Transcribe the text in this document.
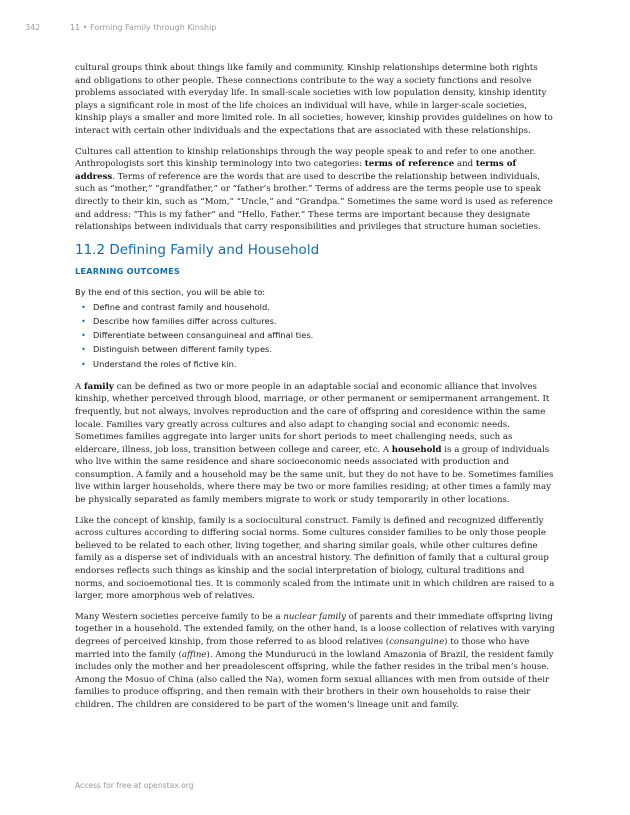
342	11 • Forming Family through Kinship

cultural groups think about things like family and community. Kinship relationships determine both rights and obligations to other people. These connections contribute to the way a society functions and resolve problems associated with everyday life. In small-scale societies with low population density, kinship identity plays a significant role in most of the life choices an individual will have, while in larger-scale societies, kinship plays a smaller and more limited role. In all societies, however, kinship provides guidelines on how to interact with certain other individuals and the expectations that are associated with these relationships.

Cultures call attention to kinship relationships through the way people speak to and refer to one another. Anthropologists sort this kinship terminology into two categories: terms of reference and terms of address. Terms of reference are the words that are used to describe the relationship between individuals, such as “mother,” “grandfather,” or “father’s brother.” Terms of address are the terms people use to speak directly to their kin, such as “Mom,” “Uncle,” and “Grandpa.” Sometimes the same word is used as reference and address: “This is my father” and “Hello, Father.” These terms are important because they designate relationships between individuals that carry responsibilities and privileges that structure human societies.

11.2 Defining Family and Household
LEARNING OUTCOMES
By the end of this section, you will be able to:
• Define and contrast family and household.
• Describe how families differ across cultures.
• Differentiate between consanguineal and affinal ties.
• Distinguish between different family types.
• Understand the roles of fictive kin.

A family can be defined as two or more people in an adaptable social and economic alliance that involves kinship, whether perceived through blood, marriage, or other permanent or semipermanent arrangement. It frequently, but not always, involves reproduction and the care of offspring and coresidence within the same locale. Families vary greatly across cultures and also adapt to changing social and economic needs. Sometimes families aggregate into larger units for short periods to meet challenging needs, such as eldercare, illness, job loss, transition between college and career, etc. A household is a group of individuals who live within the same residence and share socioeconomic needs associated with production and consumption. A family and a household may be the same unit, but they do not have to be. Sometimes families live within larger households, where there may be two or more families residing; at other times a family may be physically separated as family members migrate to work or study temporarily in other locations.

Like the concept of kinship, family is a sociocultural construct. Family is defined and recognized differently across cultures according to differing social norms. Some cultures consider families to be only those people believed to be related to each other, living together, and sharing similar goals, while other cultures define family as a disperse set of individuals with an ancestral history. The definition of family that a cultural group endorses reflects such things as kinship and the social interpretation of biology, cultural traditions and norms, and socioemotional ties. It is commonly scaled from the intimate unit in which children are raised to a larger, more amorphous web of relatives.

Many Western societies perceive family to be a nuclear family of parents and their immediate offspring living together in a household. The extended family, on the other hand, is a loose collection of relatives with varying degrees of perceived kinship, from those referred to as blood relatives (consanguine) to those who have married into the family (affine). Among the Mundurucú in the lowland Amazonia of Brazil, the resident family includes only the mother and her preadolescent offspring, while the father resides in the tribal men’s house. Among the Mosuo of China (also called the Na), women form sexual alliances with men from outside of their families to produce offspring, and then remain with their brothers in their own households to raise their children. The children are considered to be part of the women’s lineage unit and family.

Access for free at openstax.org
